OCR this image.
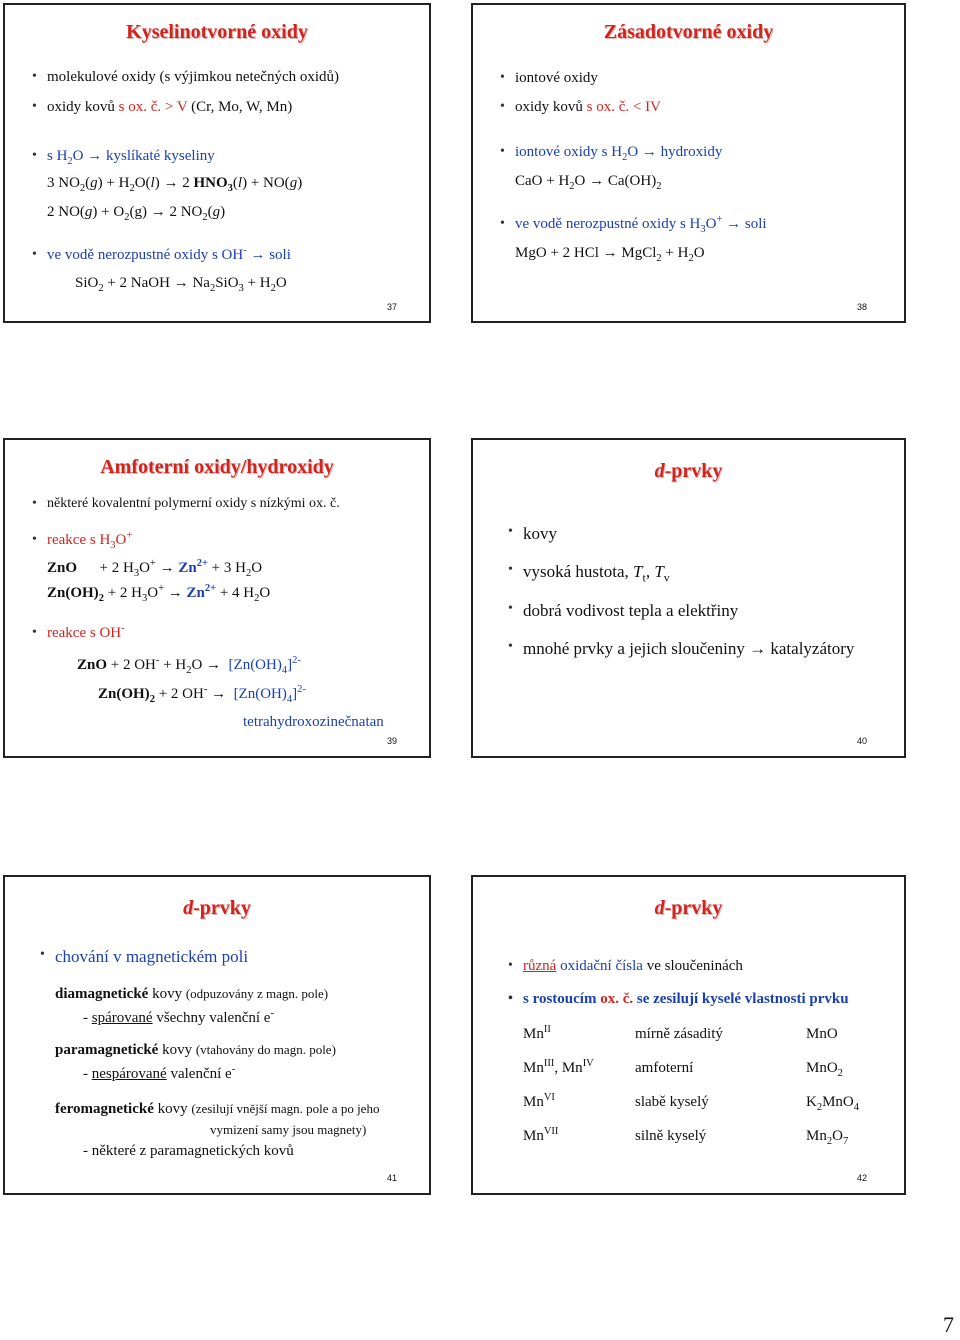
Kyselinotvorné oxidy
• molekulové oxidy (s výjimkou netečných oxidů)
• oxidy kovů s ox. č. > V (Cr, Mo, W, Mn)
• s $H_2O$ → kyslíkaté kyseliny
3 $NO_2(g) + H_2O(l) \to 2$ $HNO_3(l) + NO(g)$
2 $NO(g) + O_2(g) \to 2$ $NO_2(g)$
• ve vodě nerozpustné oxidy s OH- → soli
SiO$_2$ + 2 NaOH → $Na_2SiO_3 + H_2O$
37
Zásadotvorné oxidy
• iontové oxidy
• oxidy kovů s ox. č. < IV
• iontové oxidy s $H_2O$ → hydroxidy
CaO + $H_2O \to Ca(OH)_2$
• ve vodě nerozpustné oxidy s $H_3O^+$ → soli
MgO + 2 HCl → MgCl$_2$ + $H_2O$
38
Amfoterní oxidy/hydroxidy
• některé kovalentní polymerní oxidy s nízkými ox. č.
• reakce s $H_3O^+$
ZnO      + 2 $H_3O^+ \to Zn^{2+} + 3$ $H_2O$
$Zn(OH)_2 + 2$ $H_3O^+ \to Zn^{2+} + 4$ $H_2O$
• reakce s OH-
ZnO + 2 $OH^- + H_2O \to [Zn(OH)_4]^{2-}$
$Zn(OH)_2 + 2$ $OH^- \to [Zn(OH)_4]^{2-}$
tetrahydroxozinečnatan
39
d-prvky
• kovy
• vysoká hustota, $T_t$, $T_v$
• dobrá vodivost tepla a elektřiny
• mnohé prvky a jejich sloučeniny → katalyzátory
40
d-prvky
• chování v magnetickém poli
diamagnetické kovy (odpuzovány z magn. pole)
- spárované všechny valenční e-
paramagnetické kovy (vtahovány do magn. pole)
- nespárované valenční e-
feromagnetické kovy (zesilují vnější magn. pole a po jeho
vymizení samy jsou magnety)
- některé z paramagnetických kovů
41
d-prvky
• různá oxidační čísla ve sloučeninách
• s rostoucím ox. č. se zesilují kyselé vlastnosti prvku
$Mn^{II}$	mírně zásaditý	MnO
$Mn^{III}$, $Mn^{IV}$	amfoterní	MnO$_2$
$Mn^{VI}$	slabě kyselý	$K_2MnO_4$
$Mn^{VII}$	silně kyselý	$Mn_2O_7$
42
7
